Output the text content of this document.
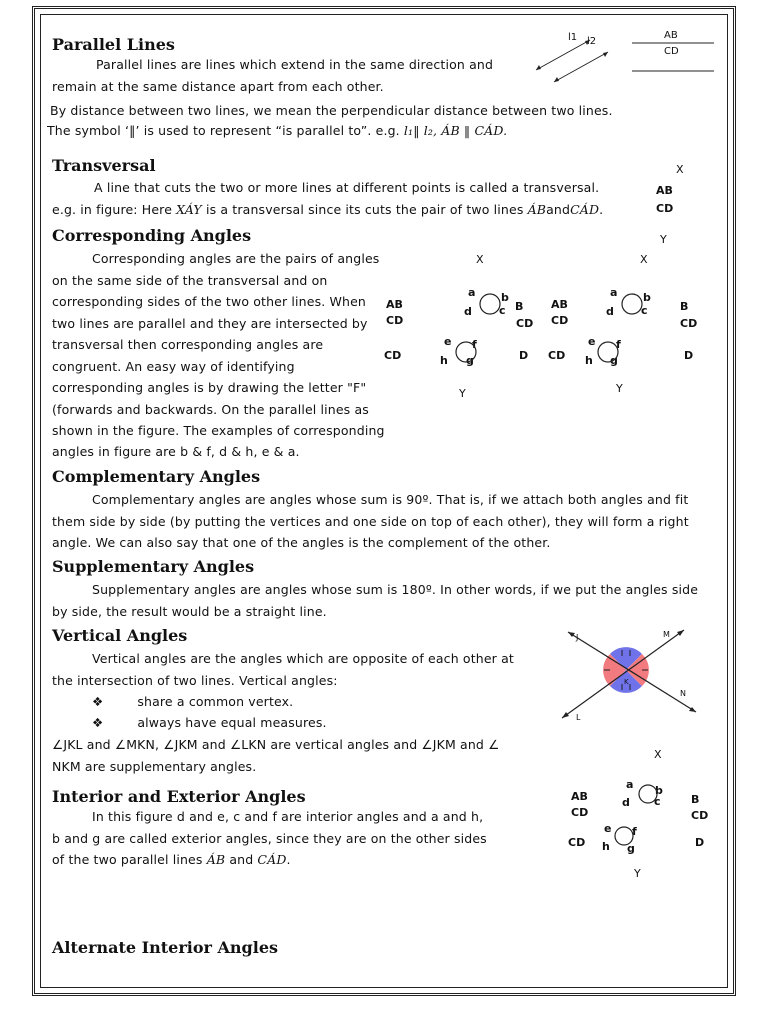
Parallel Lines
Parallel lines are lines which extend in the same direction and
remain at the same distance apart from each other.
By distance between two lines, we mean the perpendicular distance between two lines.
The symbol ‘‖’ is used to represent “is parallel to”. e.g. l₁‖ l₂, ÁB ‖ CÁD.
l1 l2
AB
CD
Transversal
A line that cuts the two or more lines at different points is called a transversal.
e.g. in figure: Here XÁY is a transversal since its cuts the pair of two lines ÁBandCÁD.
X
AB
CD
Corresponding Angles
Corresponding angles are the pairs of angles
on the same side of the transversal and on
corresponding sides of the two other lines. When
two lines are parallel and they are intersected by
transversal then corresponding angles are
congruent. An easy way of identifying
corresponding angles is by drawing the letter "F"
(forwards and backwards. On the parallel lines as
shown in the figure. The examples of corresponding
angles in figure are b & f, d & h, e & a.
Y
X
AB
CD
CD
B
CD
D
Y
a b
d c
e f
h g
X
AB
CD
CD
B
CD
D
Y
a b
d c
e f
h g
Complementary Angles
Complementary angles are angles whose sum is 90º. That is, if we attach both angles and fit
them side by side (by putting the vertices and one side on top of each other), they will form a right
angle. We can also say that one of the angles is the complement of the other.
Supplementary Angles
Supplementary angles are angles whose sum is 180º. In other words, if we put the angles side
by side, the result would be a straight line.
Vertical Angles
Vertical angles are the angles which are opposite of each other at
the intersection of two lines. Vertical angles:
❖	share a common vertex.
❖	always have equal measures.
∠JKL and ∠MKN, ∠JKM and ∠LKN are vertical angles and ∠JKM and ∠
NKM are supplementary angles.
J	M
N
L
K
Interior and Exterior Angles
In this figure d and e, c and f are interior angles and a and h,
b and g are called exterior angles, since they are on the other sides
of the two parallel lines ÁB and CÁD.
X
AB
CD
CD
B
CD
D
Y
a b
d c
e f
h g
Alternate Interior Angles
